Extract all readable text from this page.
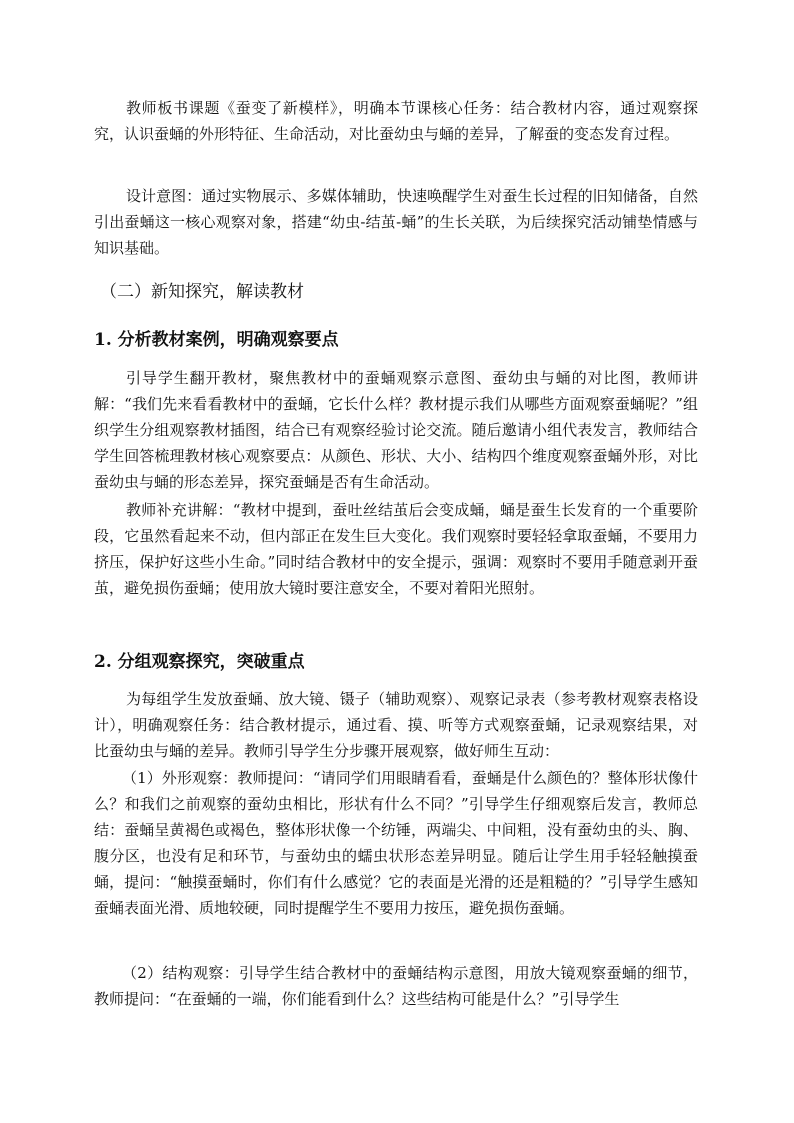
教师板书课题《蚕变了新模样》，明确本节课核心任务：结合教材内容，通过观察探究，认识蚕蛹的外形特征、生命活动，对比蚕幼虫与蛹的差异，了解蚕的变态发育过程。

设计意图：通过实物展示、多媒体辅助，快速唤醒学生对蚕生长过程的旧知储备，自然引出蚕蛹这一核心观察对象，搭建“幼虫-结茧-蛹”的生长关联，为后续探究活动铺垫情感与知识基础。

（二）新知探究，解读教材
1. 分析教材案例，明确观察要点

引导学生翻开教材，聚焦教材中的蚕蛹观察示意图、蚕幼虫与蛹的对比图，教师讲解：“我们先来看看教材中的蚕蛹，它长什么样？教材提示我们从哪些方面观察蚕蛹呢？”组织学生分组观察教材插图，结合已有观察经验讨论交流。随后邀请小组代表发言，教师结合学生回答梳理教材核心观察要点：从颜色、形状、大小、结构四个维度观察蚕蛹外形，对比蚕幼虫与蛹的形态差异，探究蚕蛹是否有生命活动。

教师补充讲解：“教材中提到，蚕吐丝结茧后会变成蛹，蛹是蚕生长发育的一个重要阶段，它虽然看起来不动，但内部正在发生巨大变化。我们观察时要轻轻拿取蚕蛹，不要用力挤压，保护好这些小生命。”同时结合教材中的安全提示，强调：观察时不要用手随意剥开蚕茧，避免损伤蚕蛹；使用放大镜时要注意安全，不要对着阳光照射。

2. 分组观察探究，突破重点

为每组学生发放蚕蛹、放大镜、镊子（辅助观察）、观察记录表（参考教材观察表格设计），明确观察任务：结合教材提示，通过看、摸、听等方式观察蚕蛹，记录观察结果，对比蚕幼虫与蛹的差异。教师引导学生分步骤开展观察，做好师生互动：

（1）外形观察：教师提问：“请同学们用眼睛看看，蚕蛹是什么颜色的？整体形状像什么？和我们之前观察的蚕幼虫相比，形状有什么不同？”引导学生仔细观察后发言，教师总结：蚕蛹呈黄褐色或褐色，整体形状像一个纺锤，两端尖、中间粗，没有蚕幼虫的头、胸、腹分区，也没有足和环节，与蚕幼虫的蠕虫状形态差异明显。随后让学生用手轻轻触摸蚕蛹，提问：“触摸蚕蛹时，你们有什么感觉？它的表面是光滑的还是粗糙的？”引导学生感知蚕蛹表面光滑、质地较硬，同时提醒学生不要用力按压，避免损伤蚕蛹。

（2）结构观察：引导学生结合教材中的蚕蛹结构示意图，用放大镜观察蚕蛹的细节，教师提问：“在蚕蛹的一端，你们能看到什么？这些结构可能是什么？”引导学生
